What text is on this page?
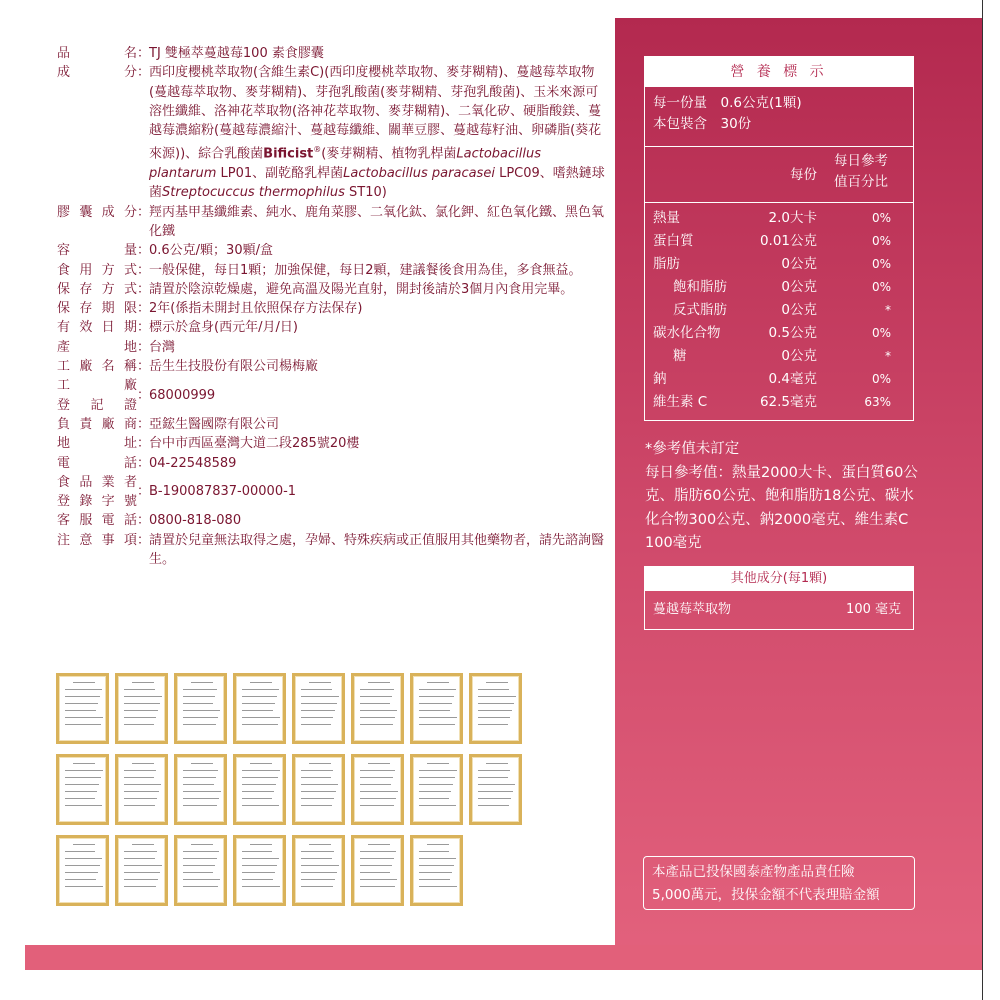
品　　名 ：
TJ 雙極萃蔓越莓100 素食膠囊
成　　分 ：
西印度櫻桃萃取物(含維生素C)(西印度櫻桃萃取物、麥芽糊精)、蔓越莓萃取物(蔓越莓萃取物、麥芽糊精)、芽孢乳酸菌(麥芽糊精、芽孢乳酸菌)、玉米來源可溶性纖維、洛神花萃取物(洛神花萃取物、麥芽糊精)、二氧化矽、硬脂酸鎂、蔓越莓濃縮粉(蔓越莓濃縮汁、蔓越莓纖維、關華豆膠、蔓越莓籽油、卵磷脂(葵花來源))、綜合乳酸菌Bificist®(麥芽糊精、植物乳桿菌Lactobacillus plantarum LP01、副乾酪乳桿菌Lactobacillus paracasei LPC09、嗜熱鏈球菌Streptocuccus thermophilus ST10)
膠囊成分 ：
羥丙基甲基纖維素、純水、鹿角菜膠、二氧化鈦、氯化鉀、紅色氧化鐵、黑色氧化鐵
容　　量 ：
0.6公克/顆；30顆/盒
食用方式 ：
一般保健，每日1顆；加強保健，每日2顆，建議餐後食用為佳，多食無益。
保存方式 ：
請置於陰涼乾燥處，避免高溫及陽光直射，開封後請於3個月內食用完畢。
保存期限 ：
2年(係指未開封且依照保存方法保存)
有效日期 ：
標示於盒身(西元年/月/日)
產　　地 ：
台灣
工廠名稱 ：
岳生生技股份有限公司楊梅廠
工　　廠
登 記 證
：
68000999
負責廠商 ：
亞鋐生醫國際有限公司
地　　址 ：
台中市西區臺灣大道二段285號20樓
電　　話 ：
04-22548589
食品業者
登錄字號
：
B-190087837-00000-1
客服電話 ：
0800-818-080
注意事項 ：
請置於兒童無法取得之處，孕婦、特殊疾病或正值服用其他藥物者，請先諮詢醫生。
營 養 標 示
每一份量　 0.6公克(1顆)
本包裝含　 30份
每份
每日參考
值百分比
熱量	2.0大卡	0%
蛋白質	0.01公克	0%
脂肪	0公克	0%
飽和脂肪	0公克	0%
反式脂肪	0公克	*
碳水化合物	0.5公克	0%
糖	0公克	*
鈉	0.4毫克	0%
維生素 C	62.5毫克	63%
*參考值未訂定
每日參考值：熱量2000大卡、蛋白質60公克、脂肪60公克、飽和脂肪18公克、碳水化合物300公克、鈉2000毫克、維生素C 100毫克
其他成分(每1顆)
蔓越莓萃取物	100 毫克
本產品已投保國泰產物產品責任險
5,000萬元，投保金額不代表理賠金額
